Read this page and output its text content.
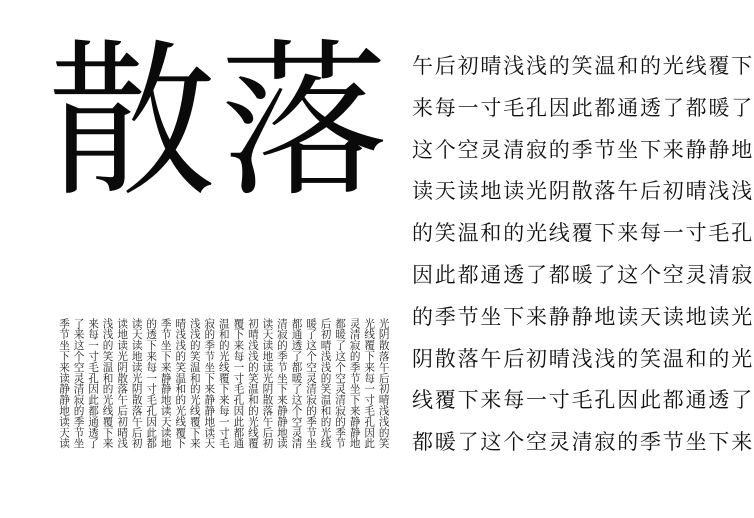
散落 午后初晴浅浅的笑温和的光线覆下
来每一寸毛孔因此都通透了都暖了
这个空灵清寂的季节坐下来静静地
读天读地读光阴散落午后初晴浅浅
的笑温和的光线覆下来每一寸毛孔
因此都通透了都暖了这个空灵清寂
的季节坐下来静静地读天读地读光
阴散落午后初晴浅浅的笑温和的光
线覆下来每一寸毛孔因此都通透了
都暖了这个空灵清寂的季节坐下来
季节坐下来读静静地读天读 了来这个空灵清寂的季节坐 来每一寸毛孔因此都通透了 浅浅的笑温和的光线覆下来 读地读光阴散落午后初晴浅 读天读地读光阴散落午后初 的透下来每一寸毛孔因此都 季节坐下来静静地读天读地 晴浅浅的笑温和的光线覆下 浅浅的笑温和的光线覆下来 寂的季节坐下来静静地读天 温和的光线覆下来每一寸毛 覆下来每一寸毛孔因此都通 初晴浅浅的笑温和的光线覆 读天读地读光阴散落午后初 清寂的季节坐下来静静地读 都通透了都暖了这个空灵清 暖了这个空灵清寂的季节坐 后初晴浅浅的笑温和的光线 都暖了这个空灵清寂的季节 灵清寂的季节坐下来静静地 光线覆下来每一寸毛孔因此 光阴散落午后初晴浅浅的笑
